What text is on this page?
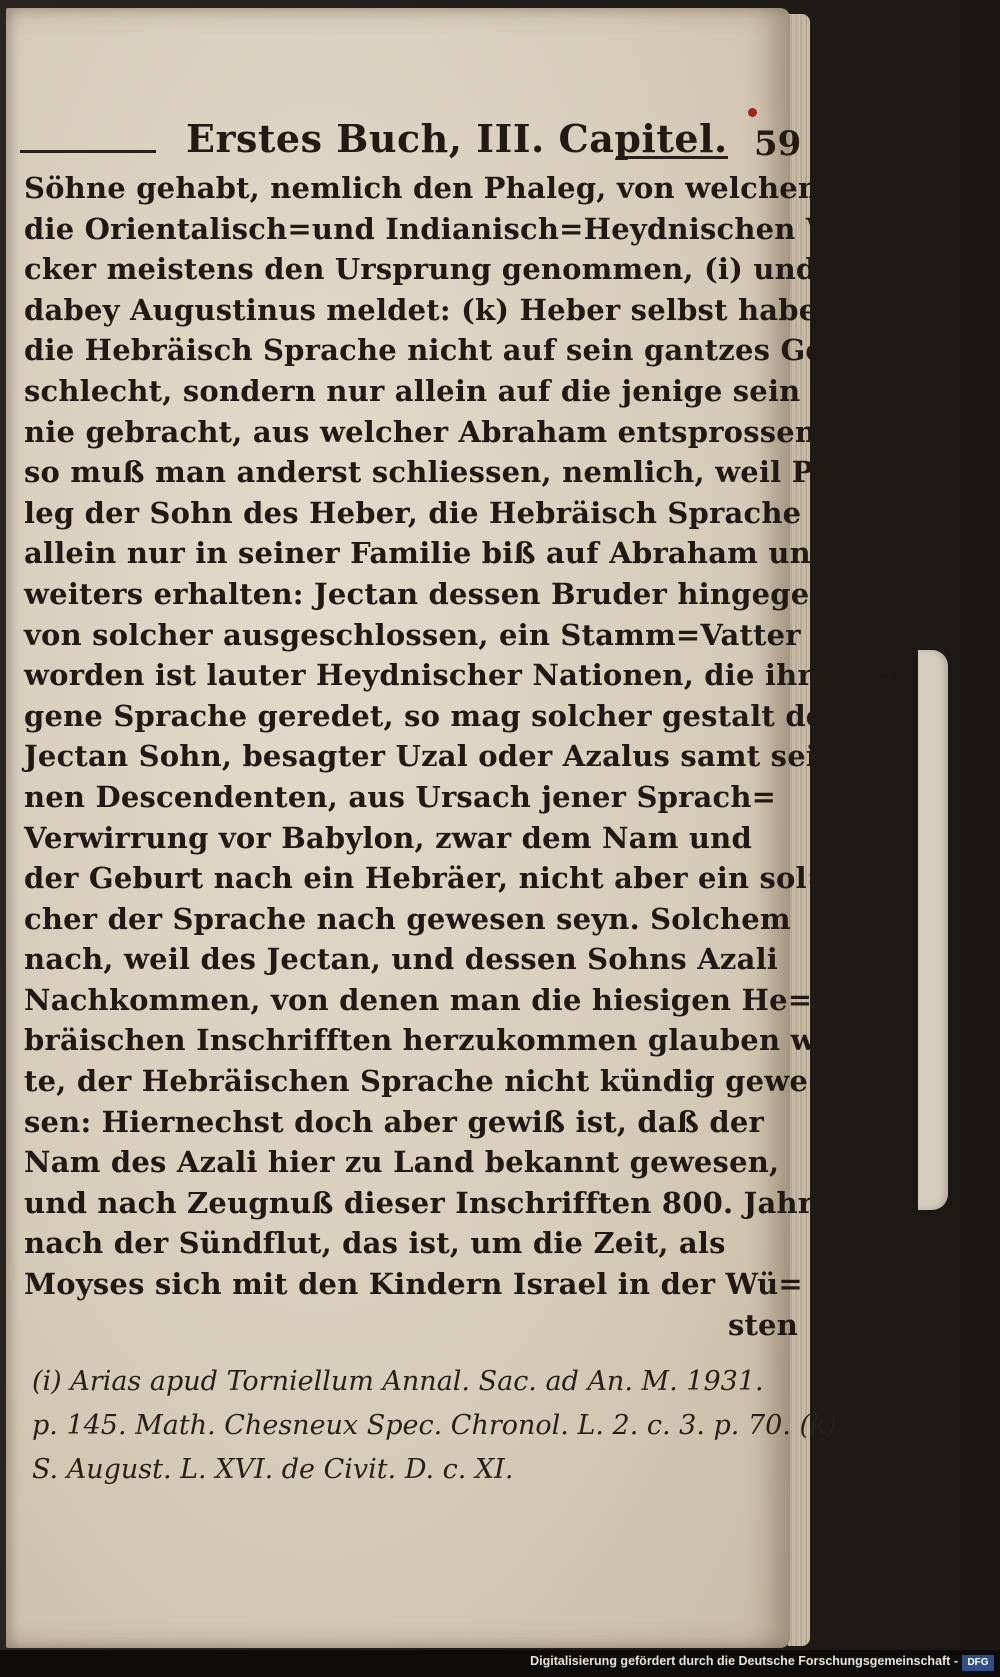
Erstes Buch, III. Capitel. 59
Söhne gehabt, nemlich den Phaleg, von welchem
die Orientalisch=und Indianisch=Heydnischen Völ=
cker meistens den Ursprung genommen, (i) und
dabey Augustinus meldet: (k) Heber selbst habe
die Hebräisch Sprache nicht auf sein gantzes Ge=
schlecht, sondern nur allein auf die jenige sein Li-
nie gebracht, aus welcher Abraham entsprossen,
so muß man anderst schliessen, nemlich, weil Pha-
leg der Sohn des Heber, die Hebräisch Sprache
allein nur in seiner Familie biß auf Abraham und
weiters erhalten: Jectan dessen Bruder hingegen,
von solcher ausgeschlossen, ein Stamm=Vatter
worden ist lauter Heydnischer Nationen, die ihre ei=
gene Sprache geredet, so mag solcher gestalt des
Jectan Sohn, besagter Uzal oder Azalus samt sei=
nen Descendenten, aus Ursach jener Sprach=
Verwirrung vor Babylon, zwar dem Nam und
der Geburt nach ein Hebräer, nicht aber ein sol=
cher der Sprache nach gewesen seyn. Solchem
nach, weil des Jectan, und dessen Sohns Azali
Nachkommen, von denen man die hiesigen He=
bräischen Inschrifften herzukommen glauben wol=
te, der Hebräischen Sprache nicht kündig gewe=
sen: Hiernechst doch aber gewiß ist, daß der
Nam des Azali hier zu Land bekannt gewesen,
und nach Zeugnuß dieser Inschrifften 800. Jahr
nach der Sündflut, das ist, um die Zeit, als
Moyses sich mit den Kindern Israel in der Wü=
sten
(i) Arias apud Torniellum Annal. Sac. ad An. M. 1931.
p. 145. Math. Chesneux Spec. Chronol. L. 2. c. 3. p. 70. (k)
S. August. L. XVI. de Civit. D. c. XI.
Digitalisierung gefördert durch die Deutsche Forschungsgemeinschaft - DFG
